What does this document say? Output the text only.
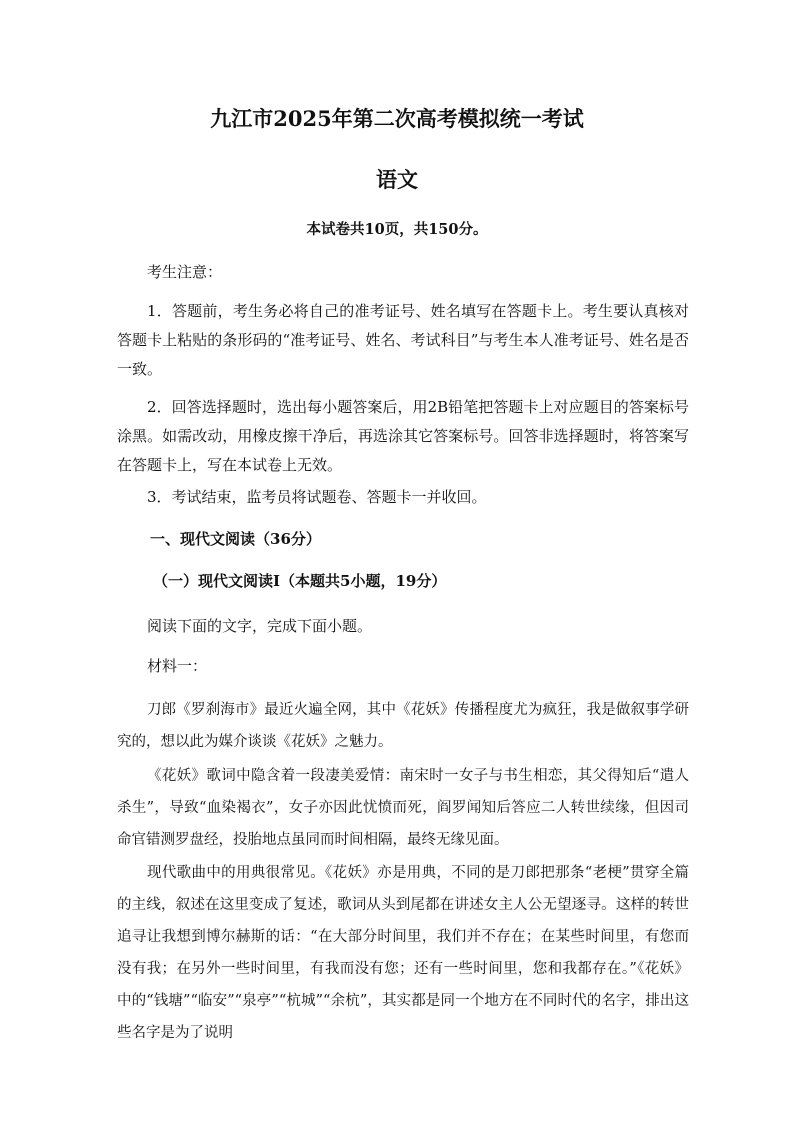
九江市2025年第二次高考模拟统一考试
语文
本试卷共10页，共150分。

考生注意：

1．答题前，考生务必将自己的准考证号、姓名填写在答题卡上。考生要认真核对答题卡上粘贴的条形码的“准考证号、姓名、考试科目”与考生本人准考证号、姓名是否一致。

2．回答选择题时，选出每小题答案后，用2B铅笔把答题卡上对应题目的答案标号涂黑。如需改动，用橡皮擦干净后，再选涂其它答案标号。回答非选择题时，将答案写在答题卡上，写在本试卷上无效。

3．考试结束，监考员将试题卷、答题卡一并收回。

一、现代文阅读（36分）
（一）现代文阅读Ⅰ（本题共5小题，19分）

阅读下面的文字，完成下面小题。

材料一：

刀郎《罗刹海市》最近火遍全网，其中《花妖》传播程度尤为疯狂，我是做叙事学研究的，想以此为媒介谈谈《花妖》之魅力。

《花妖》歌词中隐含着一段凄美爱情：南宋时一女子与书生相恋，其父得知后“遣人杀生”，导致“血染褐衣”，女子亦因此忧愤而死，阎罗闻知后答应二人转世续缘，但因司命官错测罗盘经，投胎地点虽同而时间相隔，最终无缘见面。

现代歌曲中的用典很常见。《花妖》亦是用典，不同的是刀郎把那条“老梗”贯穿全篇的主线，叙述在这里变成了复述，歌词从头到尾都在讲述女主人公无望逐寻。这样的转世追寻让我想到博尔赫斯的话：“在大部分时间里，我们并不存在；在某些时间里，有您而没有我；在另外一些时间里，有我而没有您；还有一些时间里，您和我都存在。”《花妖》中的“钱塘”“临安”“泉亭”“杭城”“余杭”，其实都是同一个地方在不同时代的名字，排出这些名字是为了说明
